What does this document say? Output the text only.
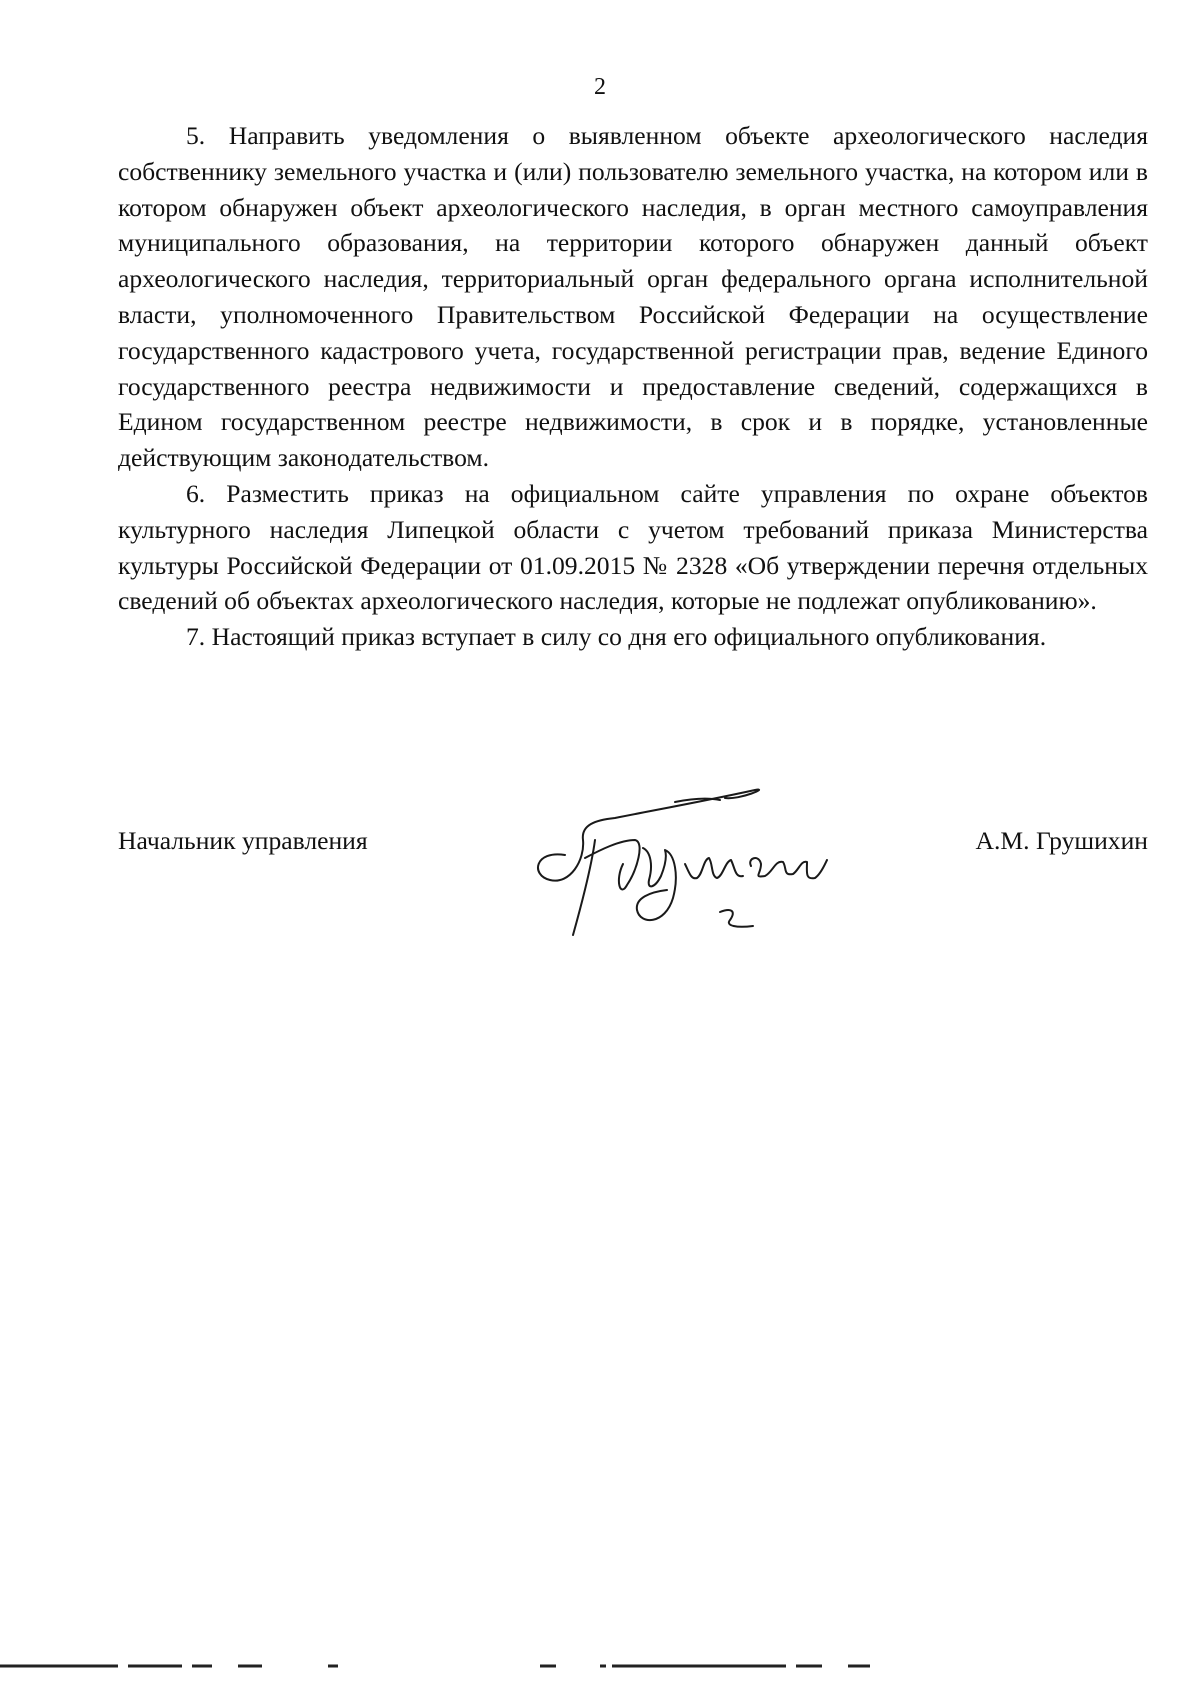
2

5. Направить уведомления о выявленном объекте археологического наследия собственнику земельного участка и (или) пользователю земельного участка, на котором или в котором обнаружен объект археологического наследия, в орган местного самоуправления муниципального образования, на территории которого обнаружен данный объект археологического наследия, территориальный орган федерального органа исполнительной власти, уполномоченного Правительством Российской Федерации на осуществление государственного кадастрового учета, государственной регистрации прав, ведение Единого государственного реестра недвижимости и предоставление сведений, содержащихся в Едином государственном реестре недвижимости, в срок и в порядке, установленные действующим законодательством.

6. Разместить приказ на официальном сайте управления по охране объектов культурного наследия Липецкой области с учетом требований приказа Министерства культуры Российской Федерации от 01.09.2015 № 2328 «Об утверждении перечня отдельных сведений об объектах археологического наследия, которые не подлежат опубликованию».

7. Настоящий приказ вступает в силу со дня его официального опубликования.

Начальник управления	А.М. Грушихин
